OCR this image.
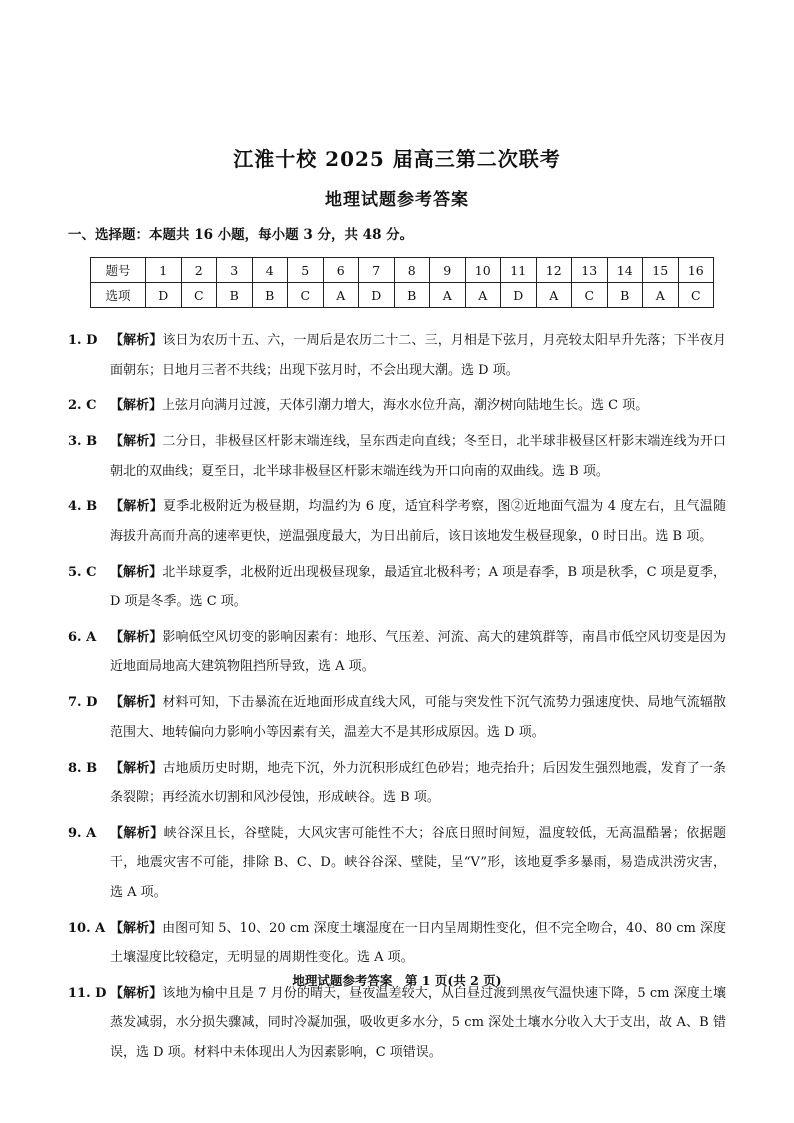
江淮十校 2025 届高三第二次联考
地理试题参考答案
一、选择题：本题共 16 小题，每小题 3 分，共 48 分。
题号	1	2	3	4	5	6	7	8	9	10	11	12	13	14	15	16
选项	D	C	B	B	C	A	D	B	A	A	D	A	C	B	A	C

1. D 【解析】该日为农历十五、六，一周后是农历二十二、三，月相是下弦月，月亮较太阳早升先落；下半夜月面朝东；日地月三者不共线；出现下弦月时，不会出现大潮。选 D 项。

2. C 【解析】上弦月向满月过渡，天体引潮力增大，海水水位升高，潮汐树向陆地生长。选 C 项。

3. B 【解析】二分日，非极昼区杆影末端连线，呈东西走向直线；冬至日，北半球非极昼区杆影末端连线为开口朝北的双曲线；夏至日，北半球非极昼区杆影末端连线为开口向南的双曲线。选 B 项。

4. B 【解析】夏季北极附近为极昼期，均温约为 6 度，适宜科学考察，图②近地面气温为 4 度左右，且气温随海拔升高而升高的速率更快，逆温强度最大，为日出前后，该日该地发生极昼现象，0 时日出。选 B 项。

5. C 【解析】北半球夏季，北极附近出现极昼现象，最适宜北极科考；A 项是春季，B 项是秋季，C 项是夏季，D 项是冬季。选 C 项。

6. A 【解析】影响低空风切变的影响因素有：地形、气压差、河流、高大的建筑群等，南昌市低空风切变是因为近地面局地高大建筑物阻挡所导致，选 A 项。

7. D 【解析】材料可知，下击暴流在近地面形成直线大风，可能与突发性下沉气流势力强速度快、局地气流辐散范围大、地转偏向力影响小等因素有关，温差大不是其形成原因。选 D 项。

8. B 【解析】古地质历史时期，地壳下沉，外力沉积形成红色砂岩；地壳抬升；后因发生强烈地震，发育了一条条裂隙；再经流水切割和风沙侵蚀，形成峡谷。选 B 项。

9. A 【解析】峡谷深且长，谷壁陡，大风灾害可能性不大；谷底日照时间短，温度较低，无高温酷暑；依据题干，地震灾害不可能，排除 B、C、D。峡谷谷深、壁陡，呈“V”形，该地夏季多暴雨，易造成洪涝灾害，选 A 项。

10. A 【解析】由图可知 5、10、20 cm 深度土壤湿度在一日内呈周期性变化，但不完全吻合，40、80 cm 深度土壤湿度比较稳定，无明显的周期性变化。选 A 项。

11. D 【解析】该地为榆中且是 7 月份的晴天，昼夜温差较大，从白昼过渡到黑夜气温快速下降，5 cm 深度土壤蒸发减弱，水分损失骤减，同时冷凝加强，吸收更多水分，5 cm 深处土壤水分收入大于支出，故 A、B 错误，选 D 项。材料中未体现出人为因素影响，C 项错误。

地理试题参考答案　第 1 页(共 2 页)
